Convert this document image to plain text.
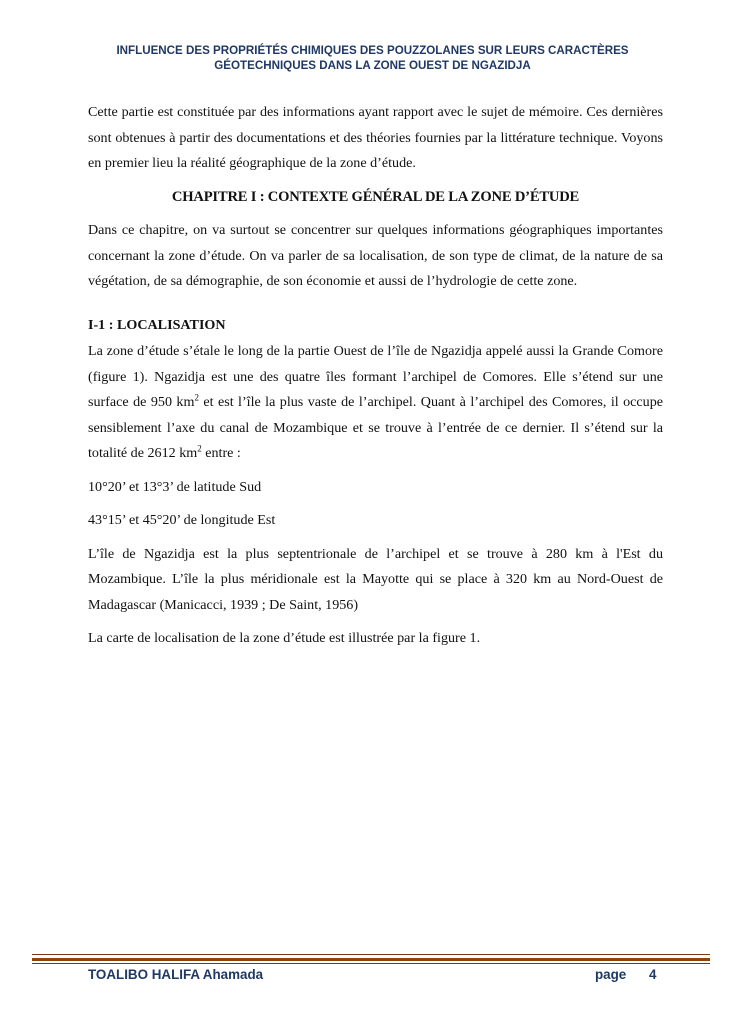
INFLUENCE DES PROPRIÉTÉS CHIMIQUES DES POUZZOLANES SUR LEURS CARACTÈRES
GÉOTECHNIQUES DANS LA ZONE OUEST DE NGAZIDJA

Cette partie est constituée par des informations ayant rapport avec le sujet de mémoire. Ces dernières sont obtenues à partir des documentations et des théories fournies par la littérature technique. Voyons en premier lieu la réalité géographique de la zone d’étude.

CHAPITRE I : CONTEXTE GÉNÉRAL DE LA ZONE D’ÉTUDE

Dans ce chapitre, on va surtout se concentrer sur quelques informations géographiques importantes concernant la zone d’étude. On va parler de sa localisation, de son type de climat, de la nature de sa végétation, de sa démographie, de son économie et aussi de l’hydrologie de cette zone.

I-1 : LOCALISATION

La zone d’étude s’étale le long de la partie Ouest de l’île de Ngazidja appelé aussi la Grande Comore (figure 1). Ngazidja est une des quatre îles formant l’archipel de Comores. Elle s’étend sur une surface de 950 $km^2$ et est l’île la plus vaste de l’archipel. Quant à l’archipel des Comores, il occupe sensiblement l’axe du canal de Mozambique et se trouve à l’entrée de ce dernier. Il s’étend sur la totalité de 2612 $km^2$ entre :

10°20’ et 13°3’ de latitude Sud

43°15’ et 45°20’ de longitude Est

L’île de Ngazidja est la plus septentrionale de l’archipel et se trouve à 280 km à l'Est du Mozambique. L’île la plus méridionale est la Mayotte qui se place à 320 km au Nord-Ouest de Madagascar (Manicacci, 1939 ; De Saint, 1956)

La carte de localisation de la zone d’étude est illustrée par la figure 1.

TOALIBO HALIFA Ahamada	page 4
